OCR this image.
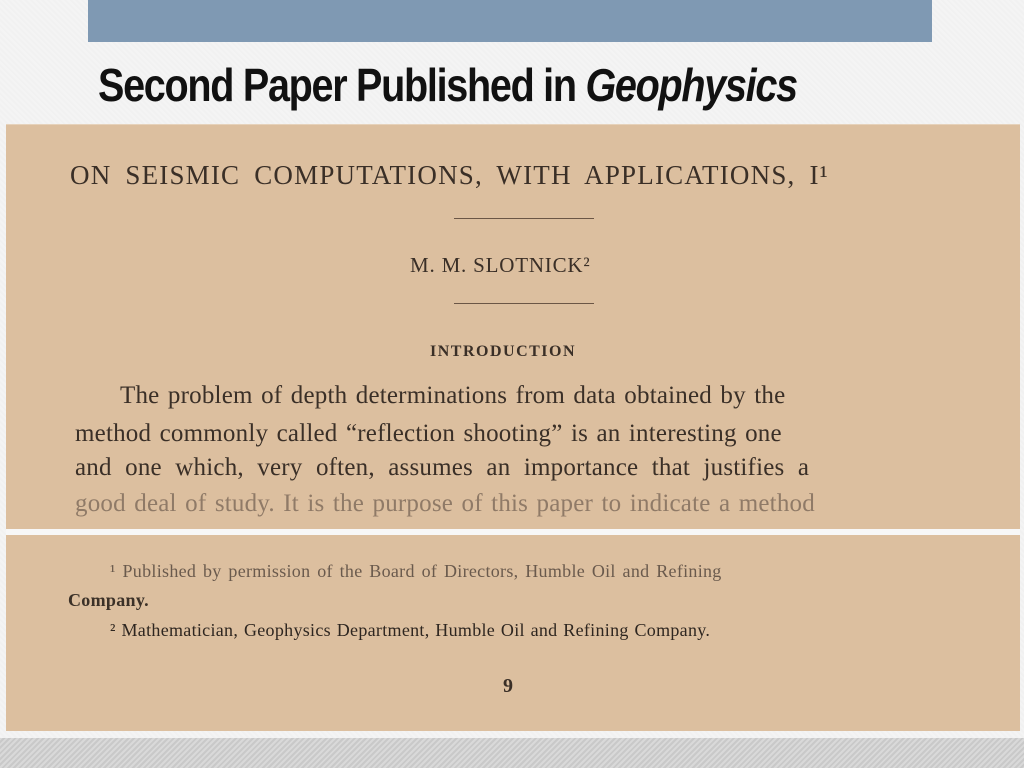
Second Paper Published in Geophysics
ON SEISMIC COMPUTATIONS, WITH APPLICATIONS, I¹
M. M. SLOTNICK²
INTRODUCTION
The problem of depth determinations from data obtained by the
method commonly called “reflection shooting” is an interesting one
and one which, very often, assumes an importance that justifies a
good deal of study. It is the purpose of this paper to indicate a method
¹ Published by permission of the Board of Directors, Humble Oil and Refining
Company.
² Mathematician, Geophysics Department, Humble Oil and Refining Company.
9
